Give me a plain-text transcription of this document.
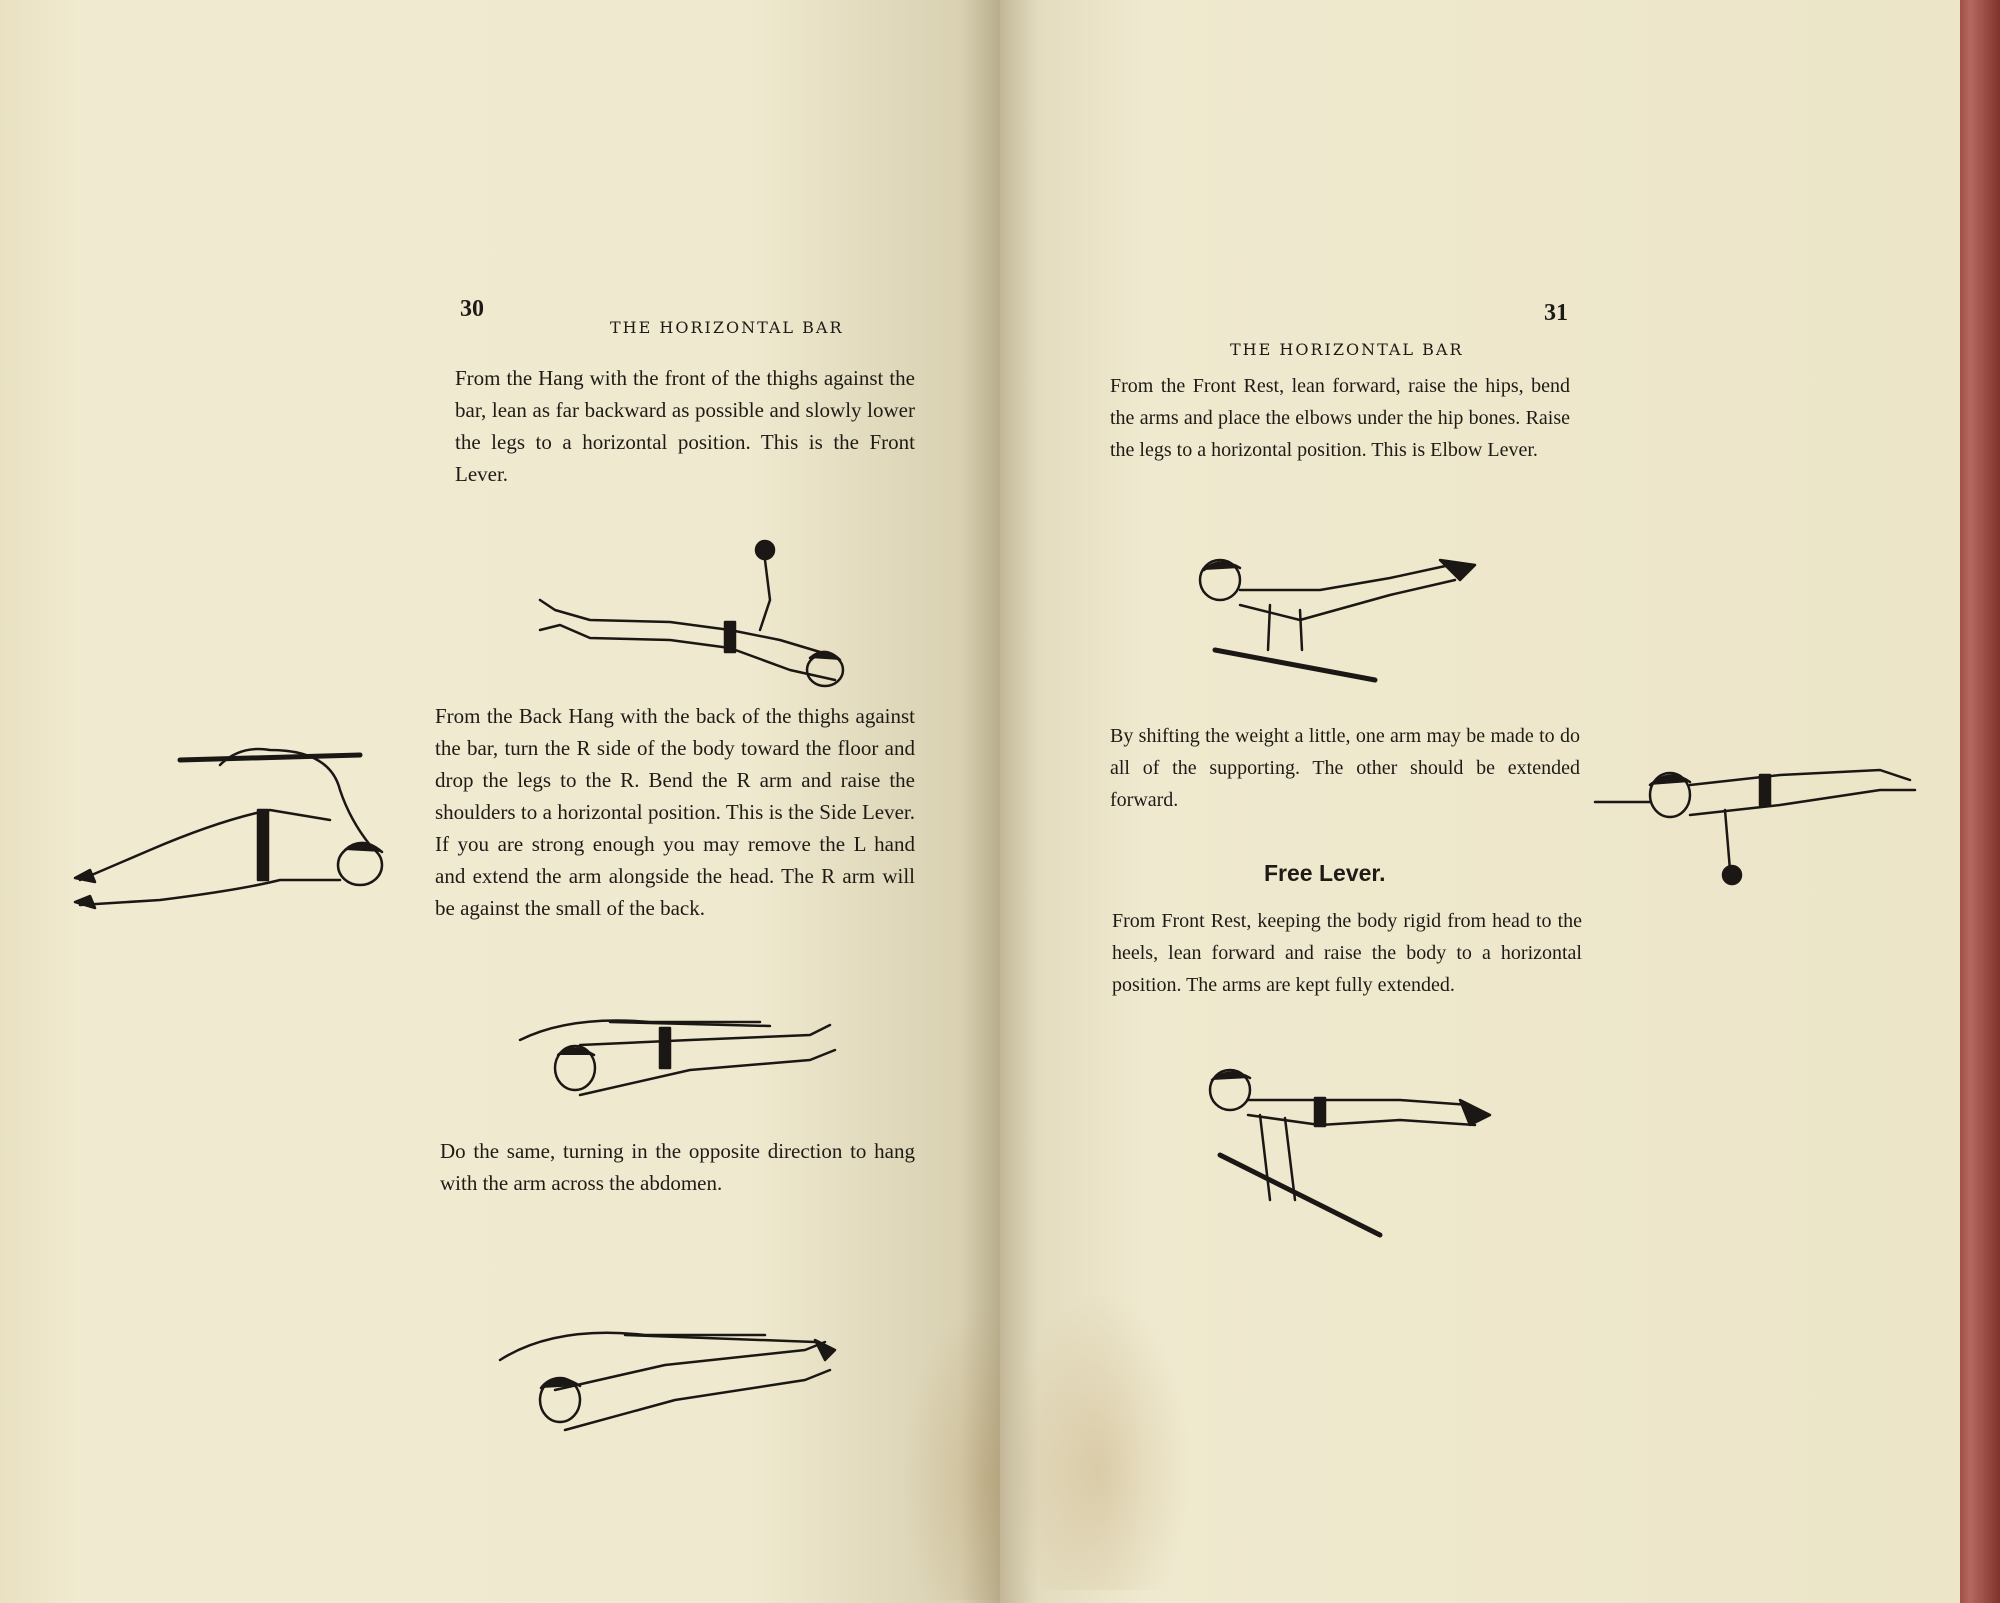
30
THE HORIZONTAL BAR
From the Hang with the front of the thighs against the bar, lean as far backward as possible and slowly lower the legs to a horizontal position. This is the Front Lever.
From the Back Hang with the back of the thighs against the bar, turn the R side of the body toward the floor and drop the legs to the R. Bend the R arm and raise the shoulders to a horizontal position. This is the Side Lever. If you are strong enough you may remove the L hand and extend the arm alongside the head. The R arm will be against the small of the back.
Do the same, turning in the opposite direction to hang with the arm across the abdomen.
31
THE HORIZONTAL BAR
From the Front Rest, lean forward, raise the hips, bend the arms and place the elbows under the hip bones. Raise the legs to a horizontal position. This is Elbow Lever.
By shifting the weight a little, one arm may be made to do all of the supporting. The other should be extended forward.
Free Lever.
From Front Rest, keeping the body rigid from head to the heels, lean forward and raise the body to a horizontal position. The arms are kept fully extended.
